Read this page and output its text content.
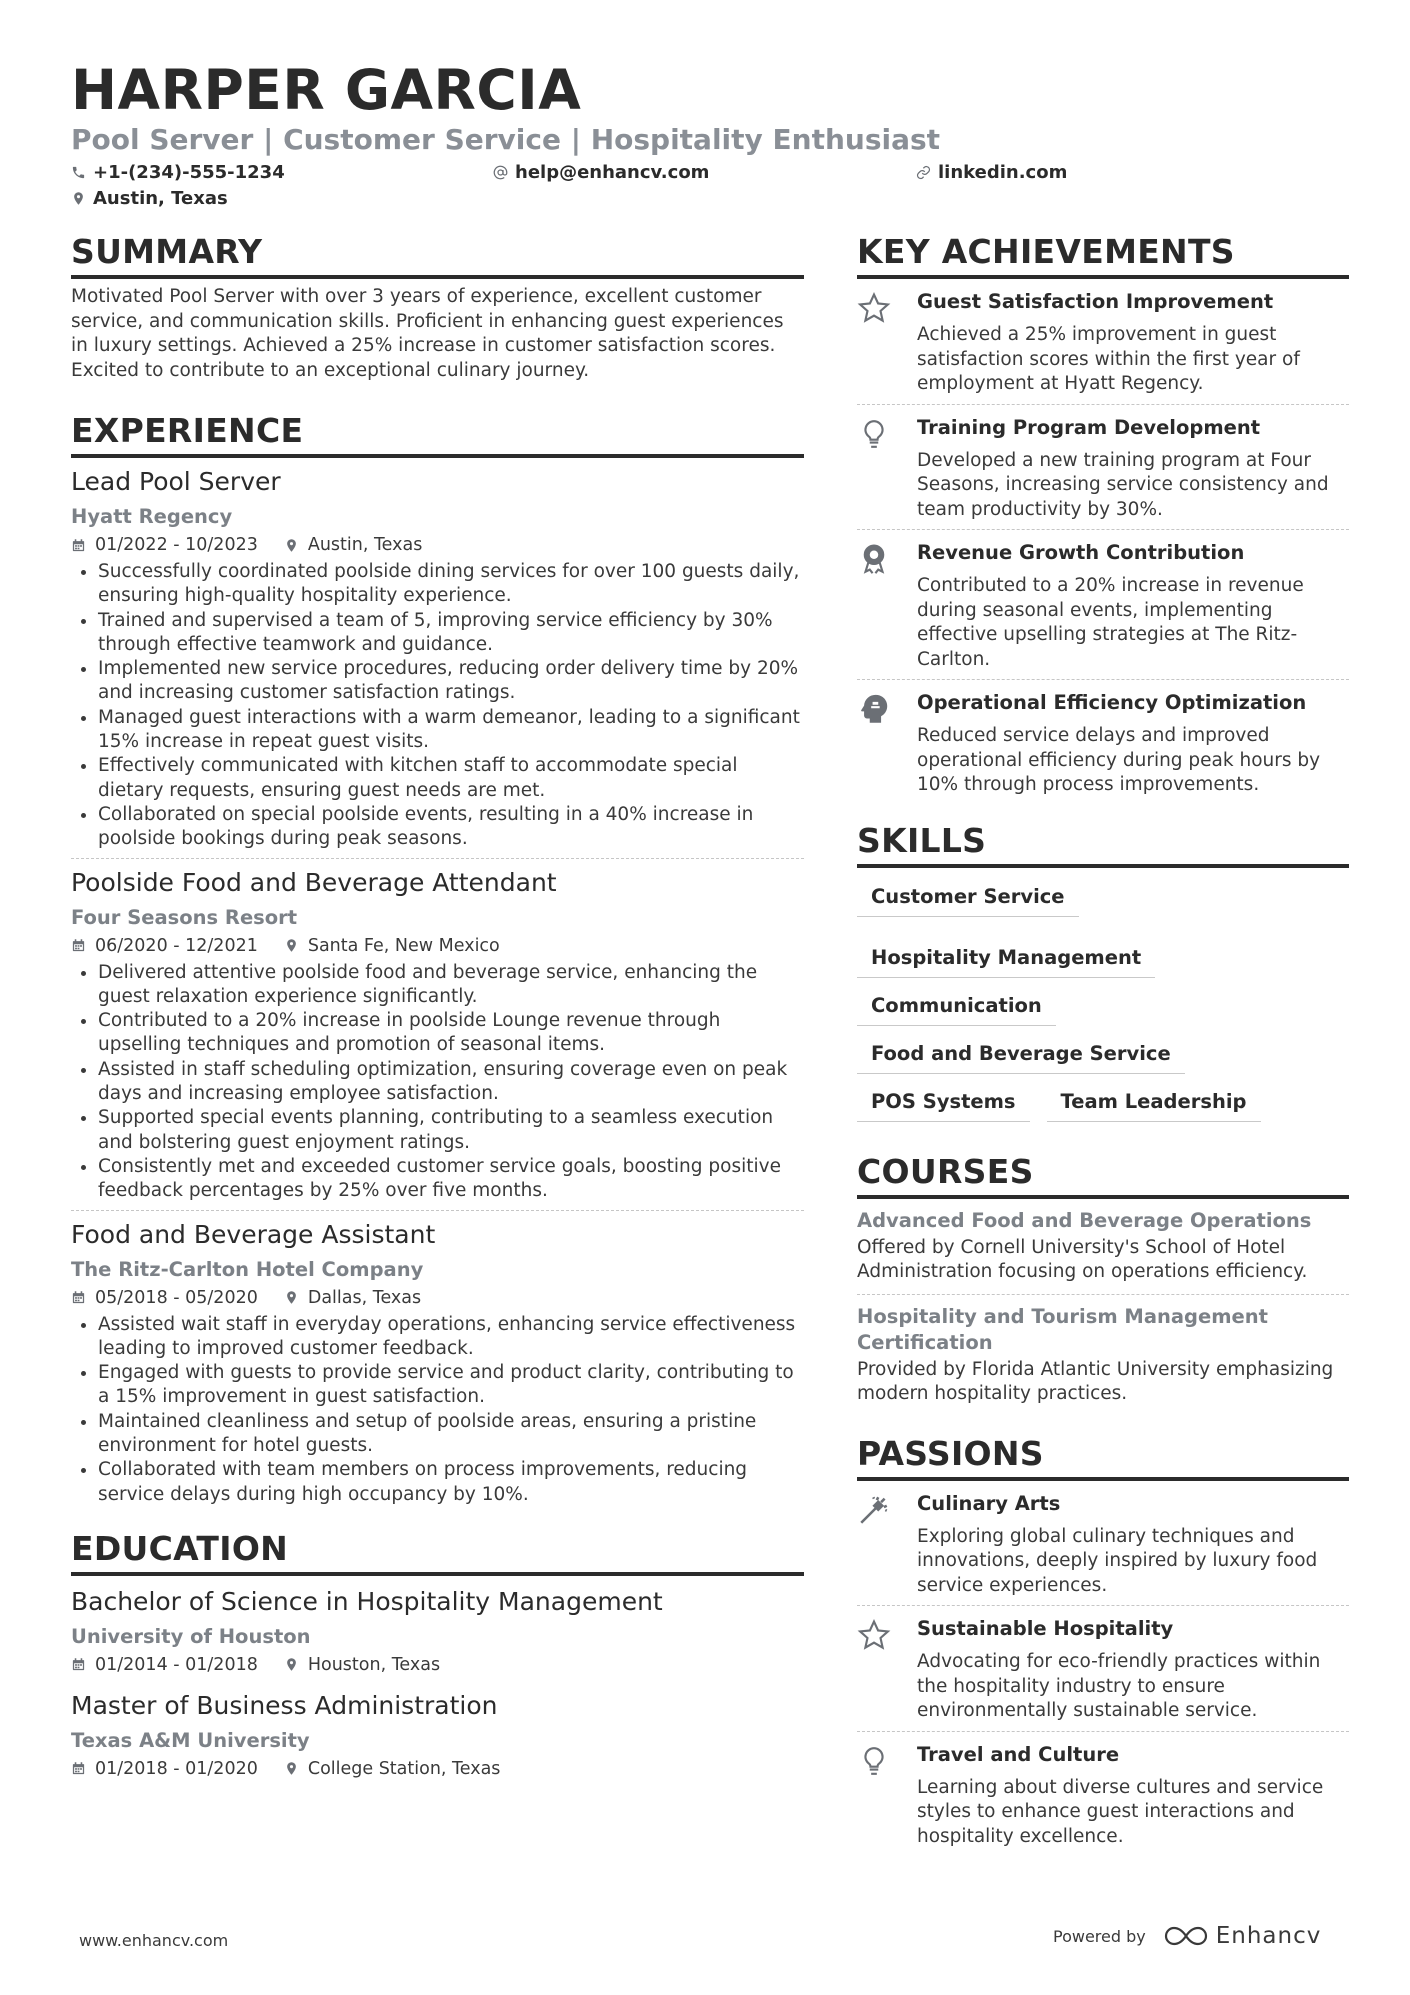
HARPER GARCIA
Pool Server | Customer Service | Hospitality Enthusiast
+1-(234)-555-1234	help@enhancv.com	linkedin.com
Austin, Texas
SUMMARY
Motivated Pool Server with over 3 years of experience, excellent customer service, and communication skills. Proficient in enhancing guest experiences in luxury settings. Achieved a 25% increase in customer satisfaction scores. Excited to contribute to an exceptional culinary journey.
EXPERIENCE
Lead Pool Server
Hyatt Regency
01/2022 - 10/2023	Austin, Texas
• Successfully coordinated poolside dining services for over 100 guests daily, ensuring high-quality hospitality experience.
• Trained and supervised a team of 5, improving service efficiency by 30% through effective teamwork and guidance.
• Implemented new service procedures, reducing order delivery time by 20% and increasing customer satisfaction ratings.
• Managed guest interactions with a warm demeanor, leading to a significant 15% increase in repeat guest visits.
• Effectively communicated with kitchen staff to accommodate special dietary requests, ensuring guest needs are met.
• Collaborated on special poolside events, resulting in a 40% increase in poolside bookings during peak seasons.
Poolside Food and Beverage Attendant
Four Seasons Resort
06/2020 - 12/2021	Santa Fe, New Mexico
• Delivered attentive poolside food and beverage service, enhancing the guest relaxation experience significantly.
• Contributed to a 20% increase in poolside Lounge revenue through upselling techniques and promotion of seasonal items.
• Assisted in staff scheduling optimization, ensuring coverage even on peak days and increasing employee satisfaction.
• Supported special events planning, contributing to a seamless execution and bolstering guest enjoyment ratings.
• Consistently met and exceeded customer service goals, boosting positive feedback percentages by 25% over five months.
Food and Beverage Assistant
The Ritz-Carlton Hotel Company
05/2018 - 05/2020	Dallas, Texas
• Assisted wait staff in everyday operations, enhancing service effectiveness leading to improved customer feedback.
• Engaged with guests to provide service and product clarity, contributing to a 15% improvement in guest satisfaction.
• Maintained cleanliness and setup of poolside areas, ensuring a pristine environment for hotel guests.
• Collaborated with team members on process improvements, reducing service delays during high occupancy by 10%.
EDUCATION
Bachelor of Science in Hospitality Management
University of Houston
01/2014 - 01/2018	Houston, Texas
Master of Business Administration
Texas A&M University
01/2018 - 01/2020	College Station, Texas
KEY ACHIEVEMENTS
Guest Satisfaction Improvement
Achieved a 25% improvement in guest satisfaction scores within the first year of employment at Hyatt Regency.
Training Program Development
Developed a new training program at Four Seasons, increasing service consistency and team productivity by 30%.
Revenue Growth Contribution
Contributed to a 20% increase in revenue during seasonal events, implementing effective upselling strategies at The Ritz-Carlton.
Operational Efficiency Optimization
Reduced service delays and improved operational efficiency during peak hours by 10% through process improvements.
SKILLS
Customer Service
Hospitality Management
Communication
Food and Beverage Service
POS Systems	Team Leadership
COURSES
Advanced Food and Beverage Operations
Offered by Cornell University's School of Hotel Administration focusing on operations efficiency.
Hospitality and Tourism Management Certification
Provided by Florida Atlantic University emphasizing modern hospitality practices.
PASSIONS
Culinary Arts
Exploring global culinary techniques and innovations, deeply inspired by luxury food service experiences.
Sustainable Hospitality
Advocating for eco-friendly practices within the hospitality industry to ensure environmentally sustainable service.
Travel and Culture
Learning about diverse cultures and service styles to enhance guest interactions and hospitality excellence.
www.enhancv.com	Powered by	Enhancv
